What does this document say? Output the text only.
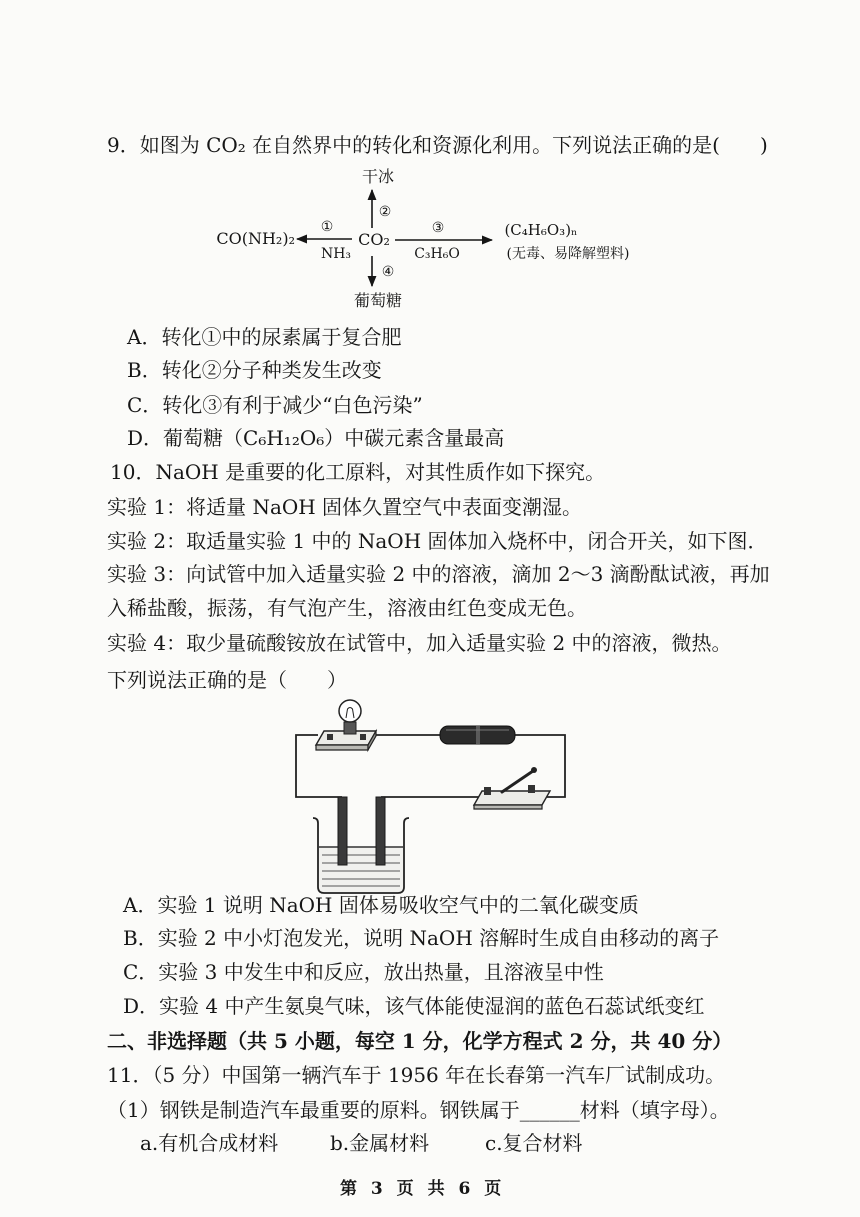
9．如图为 CO₂ 在自然界中的转化和资源化利用。下列说法正确的是(　　)
干冰
②
CO₂
①
NH₃
CO(NH₂)₂
③
C₃H₆O
(C₄H₆O₃)ₙ
(无毒、易降解塑料)
④
葡萄糖
A．转化①中的尿素属于复合肥
B．转化②分子种类发生改变
C．转化③有利于减少“白色污染”
D．葡萄糖（C₆H₁₂O₆）中碳元素含量最高
10．NaOH 是重要的化工原料，对其性质作如下探究。
实验 1：将适量 NaOH 固体久置空气中表面变潮湿。
实验 2：取适量实验 1 中的 NaOH 固体加入烧杯中，闭合开关，如下图．
实验 3：向试管中加入适量实验 2 中的溶液，滴加 2～3 滴酚酞试液，再加
入稀盐酸，振荡，有气泡产生，溶液由红色变成无色。
实验 4：取少量硫酸铵放在试管中，加入适量实验 2 中的溶液，微热。
下列说法正确的是（　　）
A．实验 1 说明 NaOH 固体易吸收空气中的二氧化碳变质
B．实验 2 中小灯泡发光，说明 NaOH 溶解时生成自由移动的离子
C．实验 3 中发生中和反应，放出热量，且溶液呈中性
D．实验 4 中产生氨臭气味，该气体能使湿润的蓝色石蕊试纸变红
二、非选择题（共 5 小题，每空 1 分，化学方程式 2 分，共 40 分）
11．（5 分）中国第一辆汽车于 1956 年在长春第一汽车厂试制成功。
（1）钢铁是制造汽车最重要的原料。钢铁属于______材料（填字母）。
a.有机合成材料	b.金属材料	c.复合材料
第 3 页 共 6 页
